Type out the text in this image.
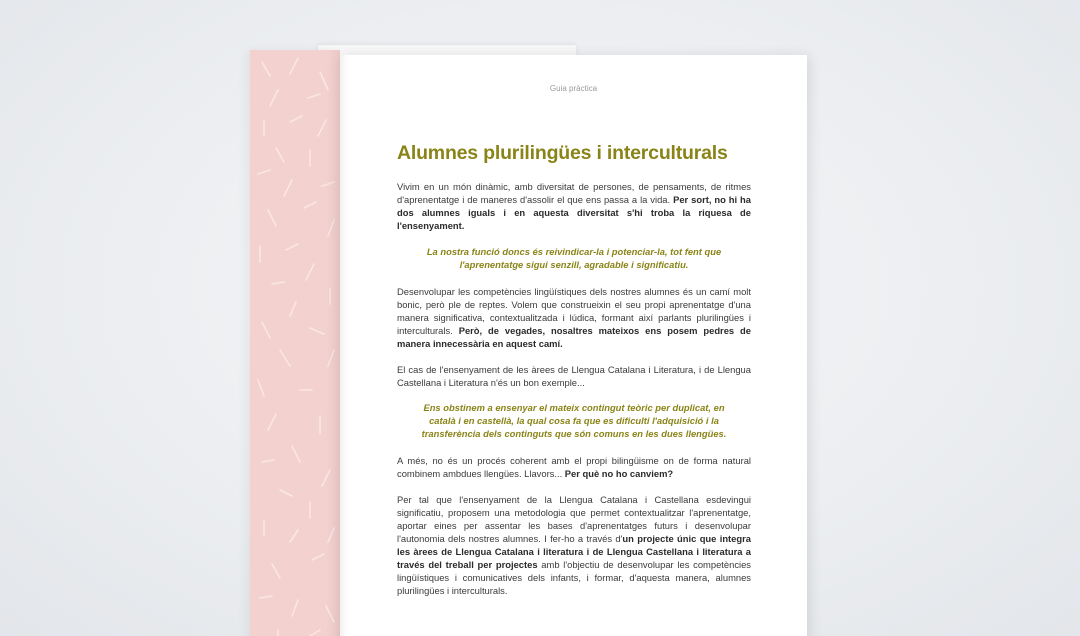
Guia pràctica
Alumnes plurilingües i interculturals

Vivim en un món dinàmic, amb diversitat de persones, de pensaments, de ritmes d'aprenentatge i de maneres d'assolir el que ens passa a la vida. Per sort, no hi ha dos alumnes iguals i en aquesta diversitat s'hi troba la riquesa de l'ensenyament.

La nostra funció doncs és reivindicar-la i potenciar-la, tot fent que l'aprenentatge sigui senzill, agradable i significatiu.

Desenvolupar les competències lingüístiques dels nostres alumnes és un camí molt bonic, però ple de reptes. Volem que construeixin el seu propi aprenentatge d'una manera significativa, contextualitzada i lúdica, formant així parlants plurilingües i interculturals. Però, de vegades, nosaltres mateixos ens posem pedres de manera innecessària en aquest camí.

El cas de l'ensenyament de les àrees de Llengua Catalana i Literatura, i de Llengua Castellana i Literatura n'és un bon exemple...

Ens obstinem a ensenyar el mateix contingut teòric per duplicat, en català i en castellà, la qual cosa fa que es dificulti l'adquisició i la transferència dels continguts que són comuns en les dues llengües.

A més, no és un procés coherent amb el propi bilingüisme on de forma natural combinem ambdues llengües. Llavors... Per què no ho canviem?

Per tal que l'ensenyament de la Llengua Catalana i Castellana esdevingui significatiu, proposem una metodologia que permet contextualitzar l'aprenentatge, aportar eines per assentar les bases d'aprenentatges futurs i desenvolupar l'autonomia dels nostres alumnes. I fer-ho a través d'un projecte únic que integra les àrees de Llengua Catalana i literatura i de Llengua Castellana i literatura a través del treball per projectes amb l'objectiu de desenvolupar les competències lingüístiques i comunicatives dels infants, i formar, d'aquesta manera, alumnes plurilingües i interculturals.
